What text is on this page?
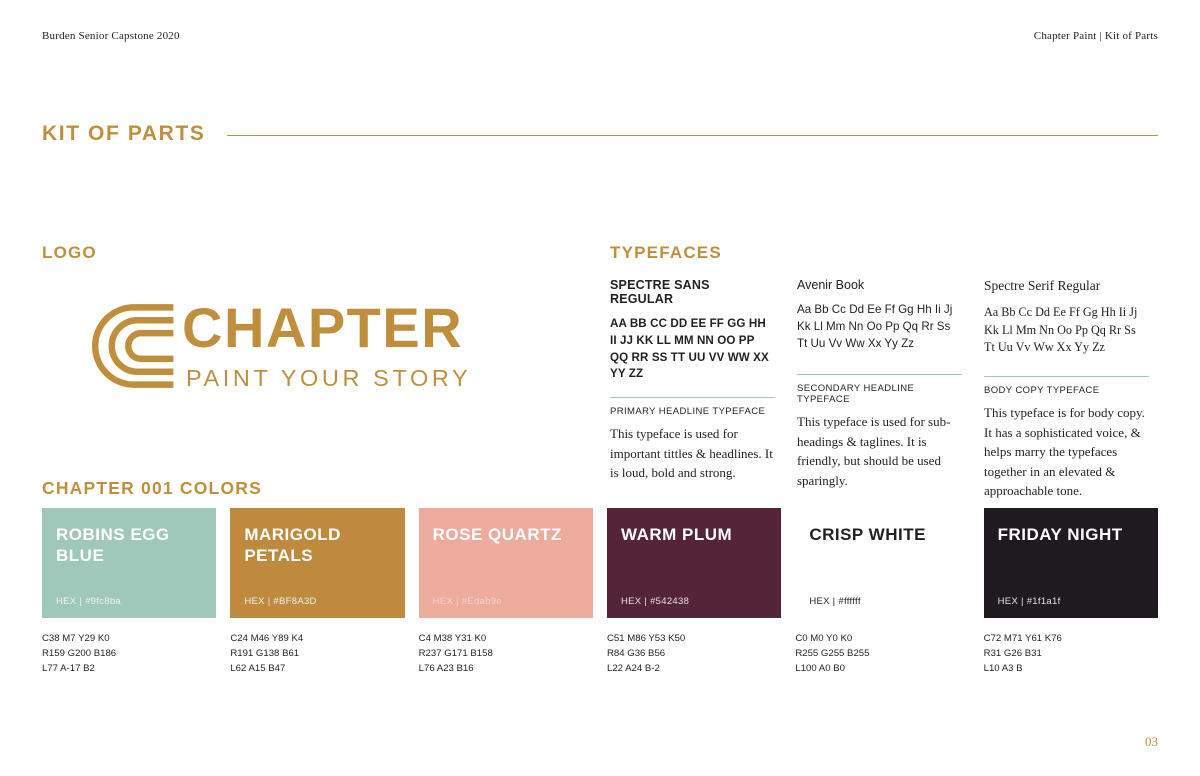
Burden Senior Capstone 2020	Chapter Paint | Kit of Parts
KIT OF PARTS
LOGO	TYPEFACES
CHAPTER 001 COLORS
CHAPTER
PAINT YOUR STORY
SPECTRE SANS REGULAR
AA BB CC DD EE FF GG HH II JJ KK LL MM NN OO PP QQ RR SS TT UU VV WW XX YY ZZ
PRIMARY HEADLINE TYPEFACE
This typeface is used for important tittles & headlines. It is loud, bold and strong.
Avenir Book
Aa Bb Cc Dd Ee Ff Gg Hh Ii Jj Kk Ll Mm Nn Oo Pp Qq Rr Ss Tt Uu Vv Ww Xx Yy Zz
SECONDARY HEADLINE TYPEFACE
This typeface is used for sub-headings & taglines. It is friendly, but should be used sparingly.
Spectre Serif Regular
Aa Bb Cc Dd Ee Ff Gg Hh Ii Jj Kk Ll Mm Nn Oo Pp Qq Rr Ss Tt Uu Vv Ww Xx Yy Zz
BODY COPY TYPEFACE
This typeface is for body copy. It has a sophisticated voice, & helps marry the typefaces together in an elevated & approachable tone.
ROBINS EGG BLUE
HEX | #9fc8ba
C38 M7 Y29 K0
R159 G200 B186
L77 A-17 B2
MARIGOLD PETALS
HEX | #BF8A3D
C24 M46 Y89 K4
R191 G138 B61
L62 A15 B47
ROSE QUARTZ
HEX | #Edab9e
C4 M38 Y31 K0
R237 G171 B158
L76 A23 B16
WARM PLUM
HEX | #542438
C51 M86 Y53 K50
R84 G36 B56
L22 A24 B-2
CRISP WHITE
HEX | #ffffff
C0 M0 Y0 K0
R255 G255 B255
L100 A0 B0
FRIDAY NIGHT
HEX | #1f1a1f
C72 M71 Y61 K76
R31 G26 B31
L10 A3 B
03
